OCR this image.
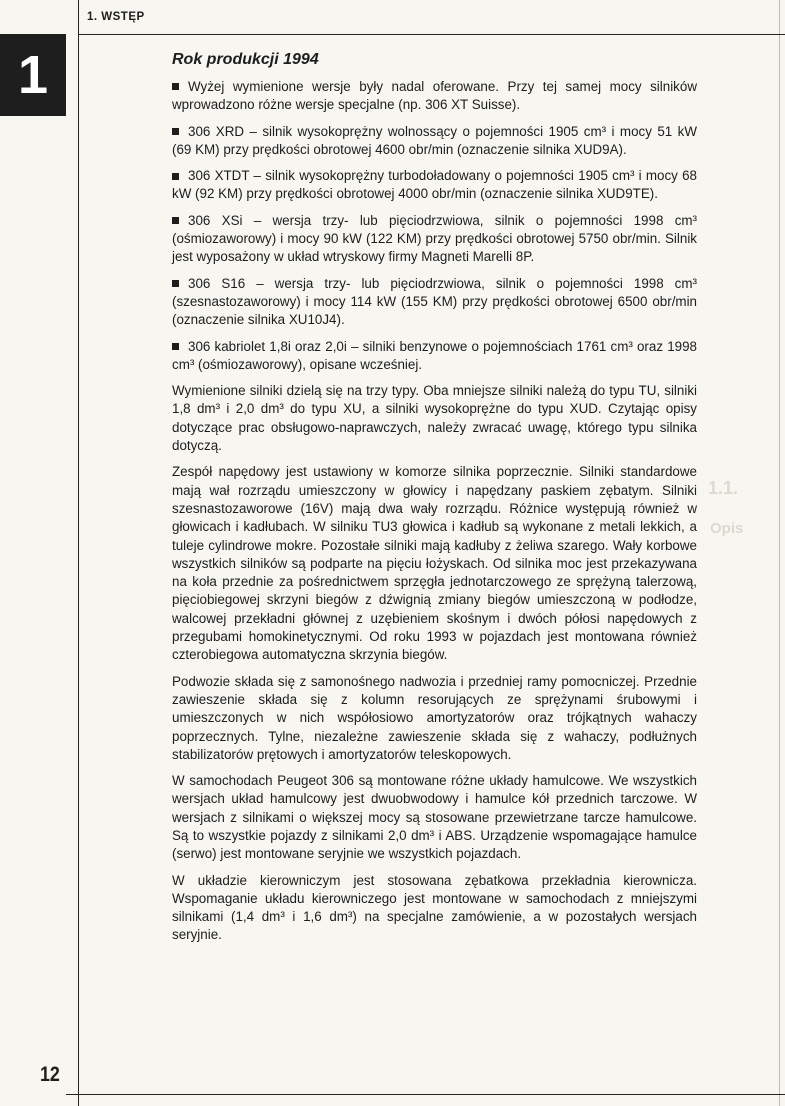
1. WSTĘP
1
1.1.
Opis
Rok produkcji 1994

Wyżej wymienione wersje były nadal oferowane. Przy tej samej mocy silników wprowadzono różne wersje specjalne (np. 306 XT Suisse).

306 XRD – silnik wysokoprężny wolnossący o pojemności 1905 cm³ i mocy 51 kW (69 KM) przy prędkości obrotowej 4600 obr/min (oznaczenie silnika XUD9A).

306 XTDT – silnik wysokoprężny turbodoładowany o pojemności 1905 cm³ i mocy 68 kW (92 KM) przy prędkości obrotowej 4000 obr/min (oznaczenie silnika XUD9TE).

306 XSi – wersja trzy- lub pięciodrzwiowa, silnik o pojemności 1998 cm³ (ośmiozaworowy) i mocy 90 kW (122 KM) przy prędkości obrotowej 5750 obr/min. Silnik jest wyposażony w układ wtryskowy firmy Magneti Marelli 8P.

306 S16 – wersja trzy- lub pięciodrzwiowa, silnik o pojemności 1998 cm³ (szesnastozaworowy) i mocy 114 kW (155 KM) przy prędkości obrotowej 6500 obr/min (oznaczenie silnika XU10J4).

306 kabriolet 1,8i oraz 2,0i – silniki benzynowe o pojemnościach 1761 cm³ oraz 1998 cm³ (ośmiozaworowy), opisane wcześniej.

Wymienione silniki dzielą się na trzy typy. Oba mniejsze silniki należą do typu TU, silniki 1,8 dm³ i 2,0 dm³ do typu XU, a silniki wysokoprężne do typu XUD. Czytając opisy dotyczące prac obsługowo-naprawczych, należy zwracać uwagę, którego typu silnika dotyczą.

Zespół napędowy jest ustawiony w komorze silnika poprzecznie. Silniki standardowe mają wał rozrządu umieszczony w głowicy i napędzany paskiem zębatym. Silniki szesnastozaworowe (16V) mają dwa wały rozrządu. Różnice występują również w głowicach i kadłubach. W silniku TU3 głowica i kadłub są wykonane z metali lekkich, a tuleje cylindrowe mokre. Pozostałe silniki mają kadłuby z żeliwa szarego. Wały korbowe wszystkich silników są podparte na pięciu łożyskach. Od silnika moc jest przekazywana na koła przednie za pośrednictwem sprzęgła jednotarczowego ze sprężyną talerzową, pięciobiegowej skrzyni biegów z dźwignią zmiany biegów umieszczoną w podłodze, walcowej przekładni głównej z uzębieniem skośnym i dwóch półosi napędowych z przegubami homokinetycznymi. Od roku 1993 w pojazdach jest montowana również czterobiegowa automatyczna skrzynia biegów.

Podwozie składa się z samonośnego nadwozia i przedniej ramy pomocniczej. Przednie zawieszenie składa się z kolumn resorujących ze sprężynami śrubowymi i umieszczonych w nich współosiowo amortyzatorów oraz trójkątnych wahaczy poprzecznych. Tylne, niezależne zawieszenie składa się z wahaczy, podłużnych stabilizatorów prętowych i amortyzatorów teleskopowych.

W samochodach Peugeot 306 są montowane różne układy hamulcowe. We wszystkich wersjach układ hamulcowy jest dwuobwodowy i hamulce kół przednich tarczowe. W wersjach z silnikami o większej mocy są stosowane przewietrzane tarcze hamulcowe. Są to wszystkie pojazdy z silnikami 2,0 dm³ i ABS. Urządzenie wspomagające hamulce (serwo) jest montowane seryjnie we wszystkich pojazdach.

W układzie kierowniczym jest stosowana zębatkowa przekładnia kierownicza. Wspomaganie układu kierowniczego jest montowane w samochodach z mniejszymi silnikami (1,4 dm³ i 1,6 dm³) na specjalne zamówienie, a w pozostałych wersjach seryjnie.

12
